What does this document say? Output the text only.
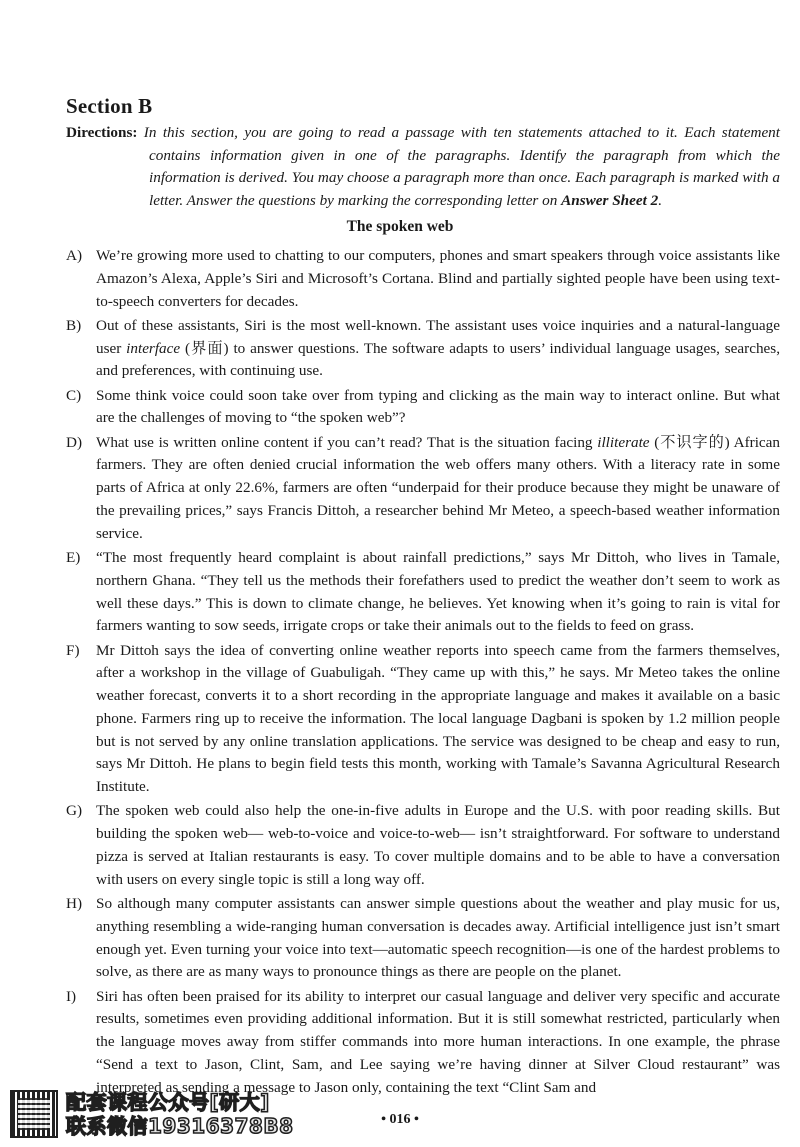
Section B
Directions: In this section, you are going to read a passage with ten statements attached to it. Each statement contains information given in one of the paragraphs. Identify the paragraph from which the information is derived. You may choose a paragraph more than once. Each paragraph is marked with a letter. Answer the questions by marking the corresponding letter on Answer Sheet 2.
The spoken web

A) We’re growing more used to chatting to our computers, phones and smart speakers through voice assistants like Amazon’s Alexa, Apple’s Siri and Microsoft’s Cortana. Blind and partially sighted people have been using text-to-speech converters for decades.

B) Out of these assistants, Siri is the most well-known. The assistant uses voice inquiries and a natural-language user interface (界面) to answer questions. The software adapts to users’ individual language usages, searches, and preferences, with continuing use.

C) Some think voice could soon take over from typing and clicking as the main way to interact online. But what are the challenges of moving to “the spoken web”?

D) What use is written online content if you can’t read? That is the situation facing illiterate (不识字的) African farmers. They are often denied crucial information the web offers many others. With a literacy rate in some parts of Africa at only 22.6%, farmers are often “underpaid for their produce because they might be unaware of the prevailing prices,” says Francis Dittoh, a researcher behind Mr Meteo, a speech-based weather information service.

E) “The most frequently heard complaint is about rainfall predictions,” says Mr Dittoh, who lives in Tamale, northern Ghana. “They tell us the methods their forefathers used to predict the weather don’t seem to work as well these days.” This is down to climate change, he believes. Yet knowing when it’s going to rain is vital for farmers wanting to sow seeds, irrigate crops or take their animals out to the fields to feed on grass.

F) Mr Dittoh says the idea of converting online weather reports into speech came from the farmers themselves, after a workshop in the village of Guabuligah. “They came up with this,” he says. Mr Meteo takes the online weather forecast, converts it to a short recording in the appropriate language and makes it available on a basic phone. Farmers ring up to receive the information. The local language Dagbani is spoken by 1.2 million people but is not served by any online translation applications. The service was designed to be cheap and easy to run, says Mr Dittoh. He plans to begin field tests this month, working with Tamale’s Savanna Agricultural Research Institute.

G) The spoken web could also help the one-in-five adults in Europe and the U.S. with poor reading skills. But building the spoken web— web-to-voice and voice-to-web— isn’t straightforward. For software to understand pizza is served at Italian restaurants is easy. To cover multiple domains and to be able to have a conversation with users on every single topic is still a long way off.

H) So although many computer assistants can answer simple questions about the weather and play music for us, anything resembling a wide-ranging human conversation is decades away. Artificial intelligence just isn’t smart enough yet. Even turning your voice into text—automatic speech recognition—is one of the hardest problems to solve, as there are as many ways to pronounce things as there are people on the planet.

I) Siri has often been praised for its ability to interpret our casual language and deliver very specific and accurate results, sometimes even providing additional information. But it is still somewhat restricted, particularly when the language moves away from stiffer commands into more human interactions. In one example, the phrase “Send a text to Jason, Clint, Sam, and Lee saying we’re having dinner at Silver Cloud restaurant” was interpreted as sending a message to Jason only, containing the text “Clint Sam and

配套课程公众号[研大]
联系微信19316378B8	• 016 •
